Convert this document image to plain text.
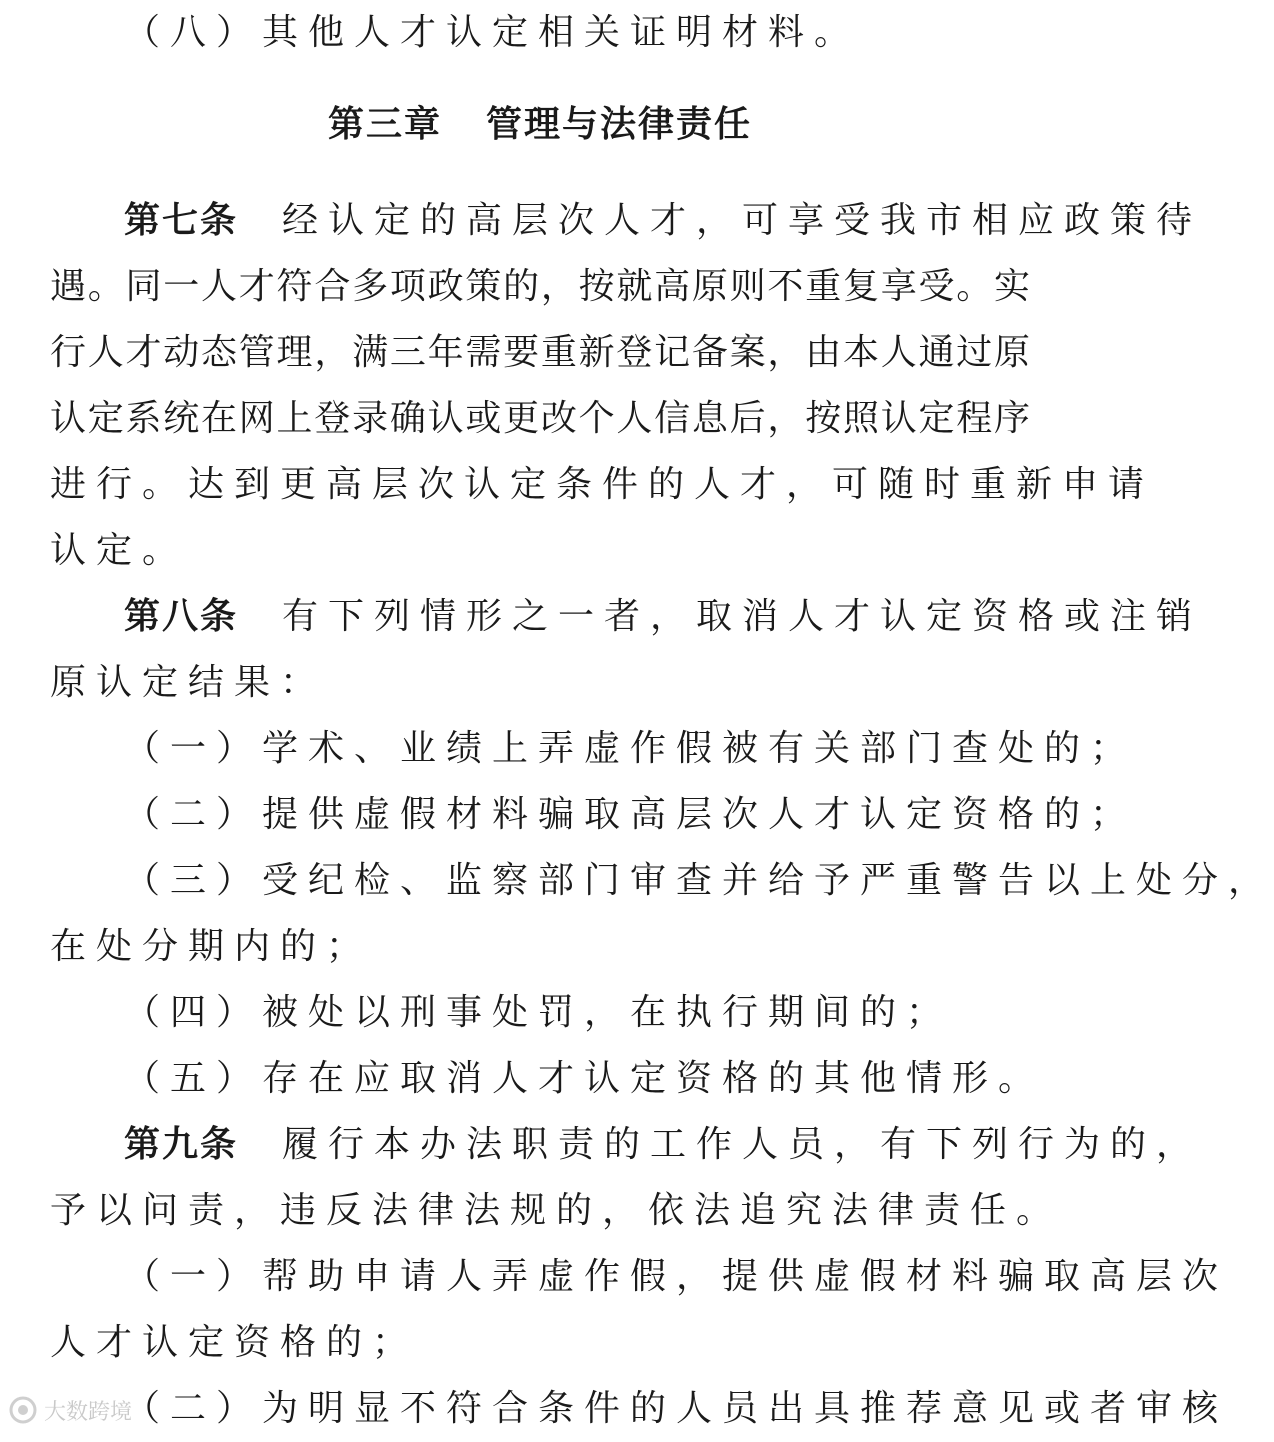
（八）其他人才认定相关证明材料。
第三章 管理与法律责任
第七条 经认定的高层次人才，可享受我市相应政策待
遇。同一人才符合多项政策的，按就高原则不重复享受。实
行人才动态管理，满三年需要重新登记备案，由本人通过原
认定系统在网上登录确认或更改个人信息后，按照认定程序
进行。达到更高层次认定条件的人才，可随时重新申请
认定。
第八条 有下列情形之一者，取消人才认定资格或注销
原认定结果：
（一）学术、业绩上弄虚作假被有关部门查处的；
（二）提供虚假材料骗取高层次人才认定资格的；
（三）受纪检、监察部门审查并给予严重警告以上处分，
在处分期内的；
（四）被处以刑事处罚，在执行期间的；
（五）存在应取消人才认定资格的其他情形。
第九条 履行本办法职责的工作人员，有下列行为的，
予以问责，违反法律法规的，依法追究法律责任。
（一）帮助申请人弄虚作假，提供虚假材料骗取高层次
人才认定资格的；
（二）为明显不符合条件的人员出具推荐意见或者审核
大数跨境
